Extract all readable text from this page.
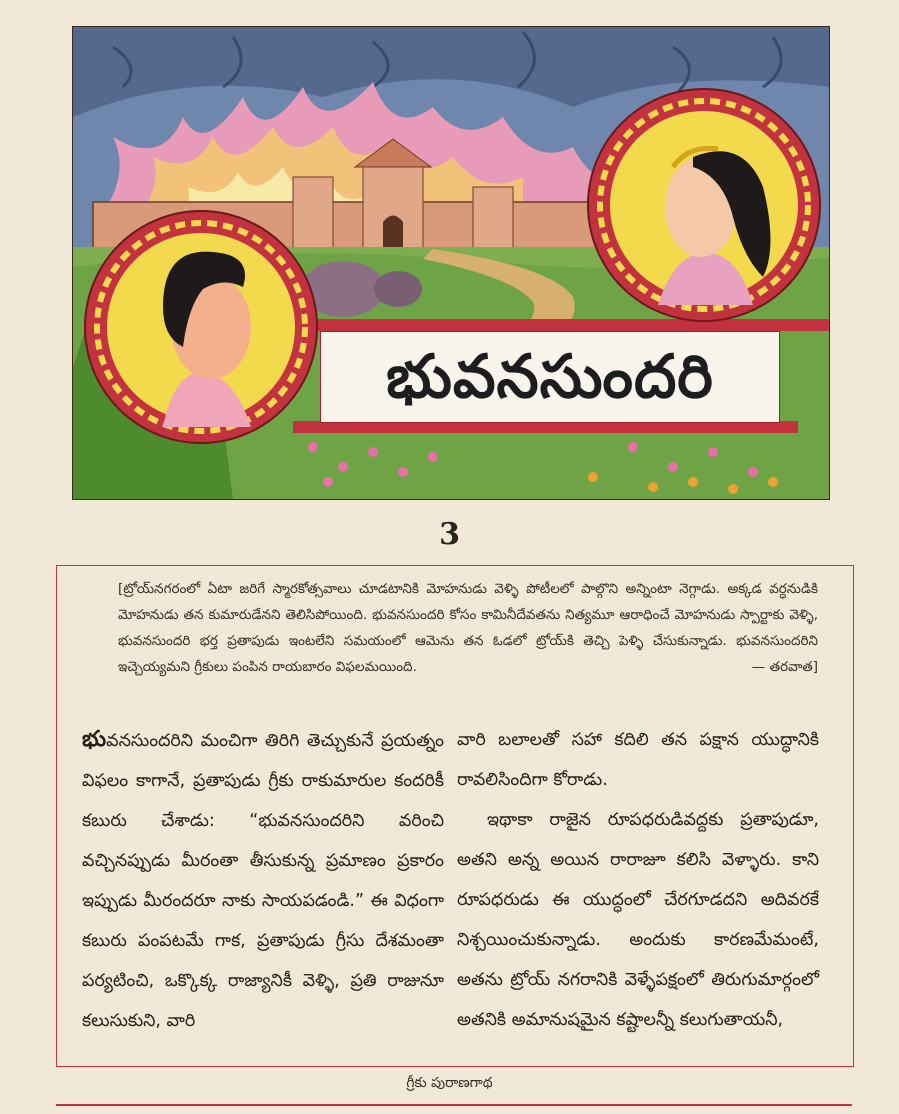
భువనసుందరి
3

[ట్రోయ్‌నగరంలో ఏటా జరిగే స్మారకోత్సవాలు చూడటానికి మోహనుడు వెళ్ళి పోటీలలో పాల్గొని అన్నింటా నెగ్గాడు. అక్కడ వర్ధనుడికి మోహనుడు తన కుమారుడేనని తెలిసిపోయింది. భువనసుందరి కోసం కామినీదేవతను నిత్యమూ ఆరాధించే మోహనుడు స్పార్టాకు వెళ్ళి, భువనసుందరి భర్త ప్రతాపుడు ఇంటలేని సమయంలో ఆమెను తన ఓడలో ట్రోయ్‌కి తెచ్చి పెళ్ళి చేసుకున్నాడు. భువనసుందరిని ఇచ్చెయ్యమని గ్రీకులు పంపిన రాయబారం విఫలమయింది.	— తరవాత]

భువనసుందరిని మంచిగా తిరిగి తెచ్చుకునే ప్రయత్నం విఫలం కాగానే, ప్రతాపుడు గ్రీకు రాకుమారుల కందరికీ కబురు చేశాడు: “భువనసుందరిని వరించి వచ్చినప్పుడు మీరంతా తీసుకున్న ప్రమాణం ప్రకారం ఇప్పుడు మీరందరూ నాకు సాయపడండి.” ఈ విధంగా కబురు పంపటమే గాక, ప్రతాపుడు గ్రీసు దేశమంతా పర్యటించి, ఒక్కొక్క రాజ్యానికీ వెళ్ళి, ప్రతి రాజునూ కలుసుకుని, వారి

వారి బలాలతో సహా కదిలి తన పక్షాన యుద్ధానికి రావలిసిందిగా కోరాడు.

ఇథాకా రాజైన రూపధరుడివద్దకు ప్రతాపుడూ, అతని అన్న అయిన రారాజూ కలిసి వెళ్ళారు. కాని రూపధరుడు ఈ యుద్ధంలో చేరగూడదని అదివరకే నిశ్చయించుకున్నాడు. అందుకు కారణమేమంటే, అతను ట్రోయ్ నగరానికి వెళ్ళేపక్షంలో తిరుగుమార్గంలో అతనికి అమానుషమైన కష్టాలన్నీ కలుగుతాయనీ,

గ్రీకు పురాణగాథ
